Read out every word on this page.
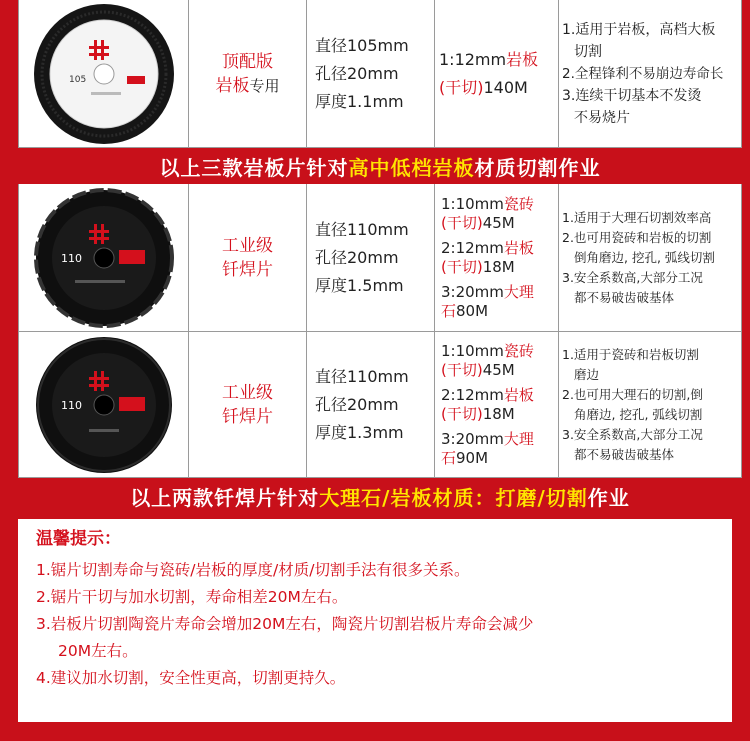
105
顶配版
岩板专用
直径105mm
孔径20mm
厚度1.1mm
1:12mm岩板
(干切)140M
1.适用于岩板，高档大板
切割
2.全程锋利不易崩边寿命长
3.连续干切基本不发烫
不易烧片
以上三款岩板片针对 高中低档岩板 材质切割作业
110
工业级
钎焊片
直径110mm
孔径20mm
厚度1.5mm
1:10mm瓷砖
(干切)45M
2:12mm岩板
(干切)18M
3:20mm大理
石80M
1.适用于大理石切割效率高
2.也可用瓷砖和岩板的切割
倒角磨边, 挖孔, 弧线切割
3.安全系数高,大部分工况
都不易破齿破基体
110
工业级
钎焊片
直径110mm
孔径20mm
厚度1.3mm
1:10mm瓷砖
(干切)45M
2:12mm岩板
(干切)18M
3:20mm大理
石90M
1.适用于瓷砖和岩板切割
磨边
2.也可用大理石的切割,倒
角磨边, 挖孔, 弧线切割
3.安全系数高,大部分工况
都不易破齿破基体
以上两款钎焊片针对 大理石/岩板材质：打磨/切割 作业
温馨提示：
1.锯片切割寿命与瓷砖/岩板的厚度/材质/切割手法有很多关系。
2.锯片干切与加水切割，寿命相差20M左右。
3.岩板片切割陶瓷片寿命会增加20M左右，陶瓷片切割岩板片寿命会减少
20M左右。
4.建议加水切割，安全性更高，切割更持久。
